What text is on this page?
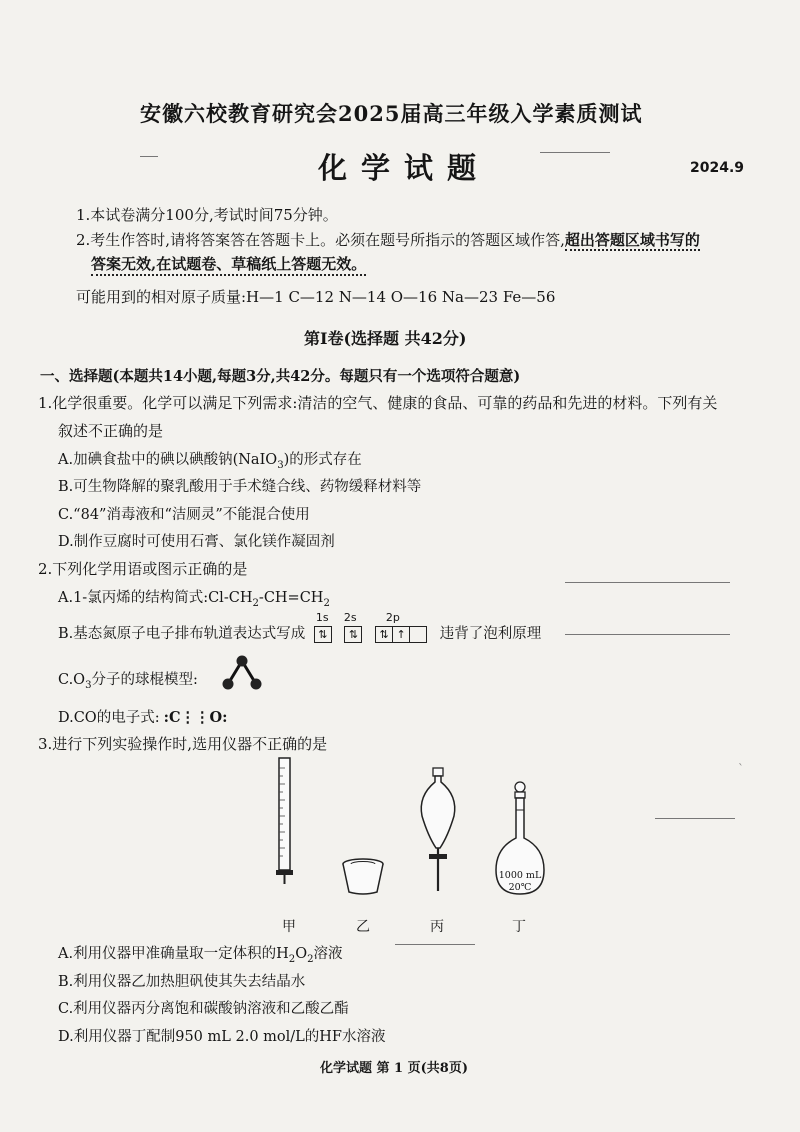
安徽六校教育研究会2025届高三年级入学素质测试
化学试题	2024.9
1.本试卷满分100分,考试时间75分钟。
2.考生作答时,请将答案答在答题卡上。必须在题号所指示的答题区域作答,超出答题区域书写的
答案无效,在试题卷、草稿纸上答题无效。
可能用到的相对原子质量:H—1 C—12 N—14 O—16 Na—23 Fe—56
第Ⅰ卷(选择题 共42分)
一、选择题(本题共14小题,每题3分,共42分。每题只有一个选项符合题意)
1.化学很重要。化学可以满足下列需求:清洁的空气、健康的食品、可靠的药品和先进的材料。下列有关
叙述不正确的是
A.加碘食盐中的碘以碘酸钠(NaIO$_3$)的形式存在
B.可生物降解的聚乳酸用于手术缝合线、药物缓释材料等
C.“84”消毒液和“洁厕灵”不能混合使用
D.制作豆腐时可使用石膏、氯化镁作凝固剂
2.下列化学用语或图示正确的是
A.1-氯丙烯的结构简式$:Cl-CH_2-CH=CH_2$
B.基态氮原子电子排布轨道表达式写成
1s 2s	2p
⇅ ⇅ ⇅ ↑ 违背了泡利原理
$C.O_3$分子的球棍模型:
D.CO的电子式: :C⋮⋮O:
3.进行下列实验操作时,选用仪器不正确的是
ˋ
1000 mL
20℃
甲	乙	丙	丁
A.利用仪器甲准确量取一定体积的$H_2O_2$溶液
B.利用仪器乙加热胆矾使其失去结晶水
C.利用仪器丙分离饱和碳酸钠溶液和乙酸乙酯
D.利用仪器丁配制950 mL 2.0 mol/L的HF水溶液
化学试题 第 1 页(共8页)
